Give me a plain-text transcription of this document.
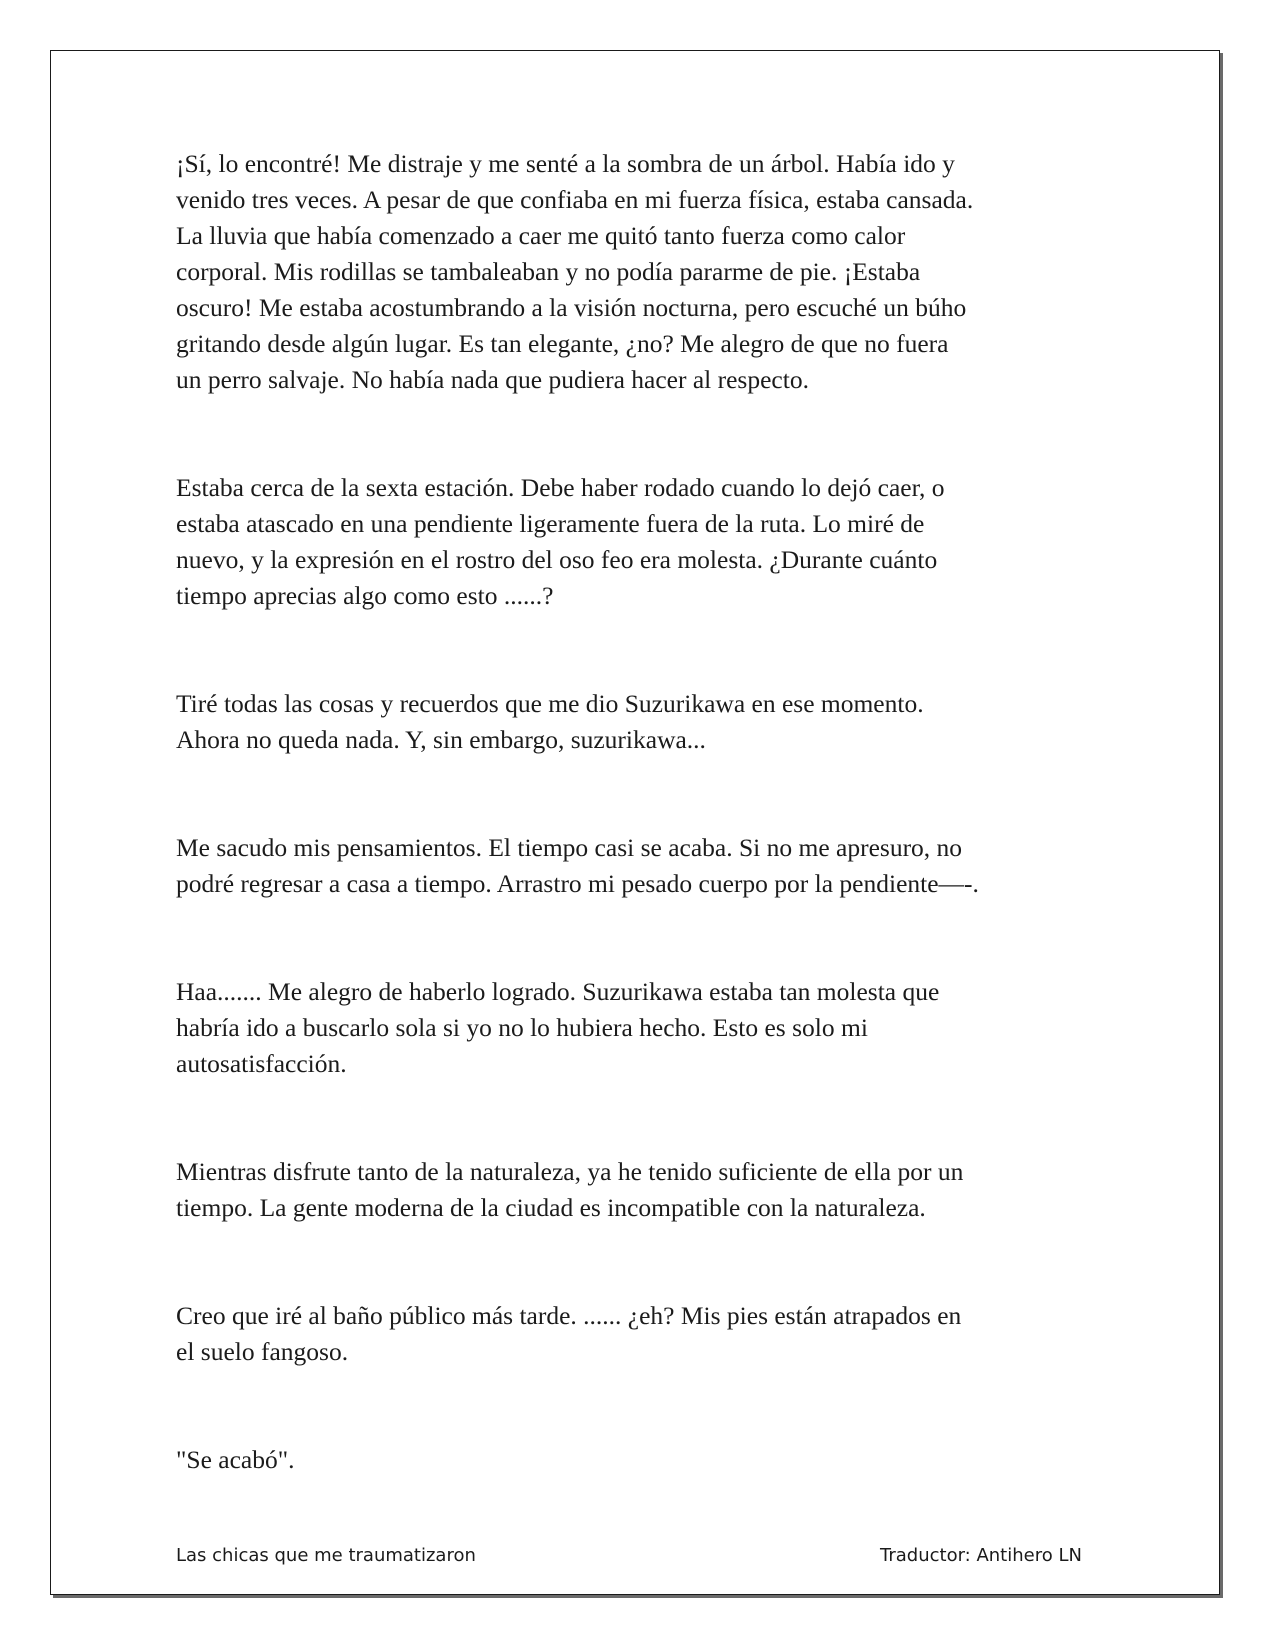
¡Sí, lo encontré! Me distraje y me senté a la sombra de un árbol. Había ido y
venido tres veces. A pesar de que confiaba en mi fuerza física, estaba cansada.
La lluvia que había comenzado a caer me quitó tanto fuerza como calor
corporal. Mis rodillas se tambaleaban y no podía pararme de pie. ¡Estaba
oscuro! Me estaba acostumbrando a la visión nocturna, pero escuché un búho
gritando desde algún lugar. Es tan elegante, ¿no? Me alegro de que no fuera
un perro salvaje. No había nada que pudiera hacer al respecto.

Estaba cerca de la sexta estación. Debe haber rodado cuando lo dejó caer, o
estaba atascado en una pendiente ligeramente fuera de la ruta. Lo miré de
nuevo, y la expresión en el rostro del oso feo era molesta. ¿Durante cuánto
tiempo aprecias algo como esto ......?

Tiré todas las cosas y recuerdos que me dio Suzurikawa en ese momento.
Ahora no queda nada. Y, sin embargo, suzurikawa...

Me sacudo mis pensamientos. El tiempo casi se acaba. Si no me apresuro, no
podré regresar a casa a tiempo. Arrastro mi pesado cuerpo por la pendiente—-.

Haa....... Me alegro de haberlo logrado. Suzurikawa estaba tan molesta que
habría ido a buscarlo sola si yo no lo hubiera hecho. Esto es solo mi
autosatisfacción.

Mientras disfrute tanto de la naturaleza, ya he tenido suficiente de ella por un
tiempo. La gente moderna de la ciudad es incompatible con la naturaleza.

Creo que iré al baño público más tarde. ...... ¿eh? Mis pies están atrapados en
el suelo fangoso.

"Se acabó".

Las chicas que me traumatizaron	Traductor: Antihero LN
